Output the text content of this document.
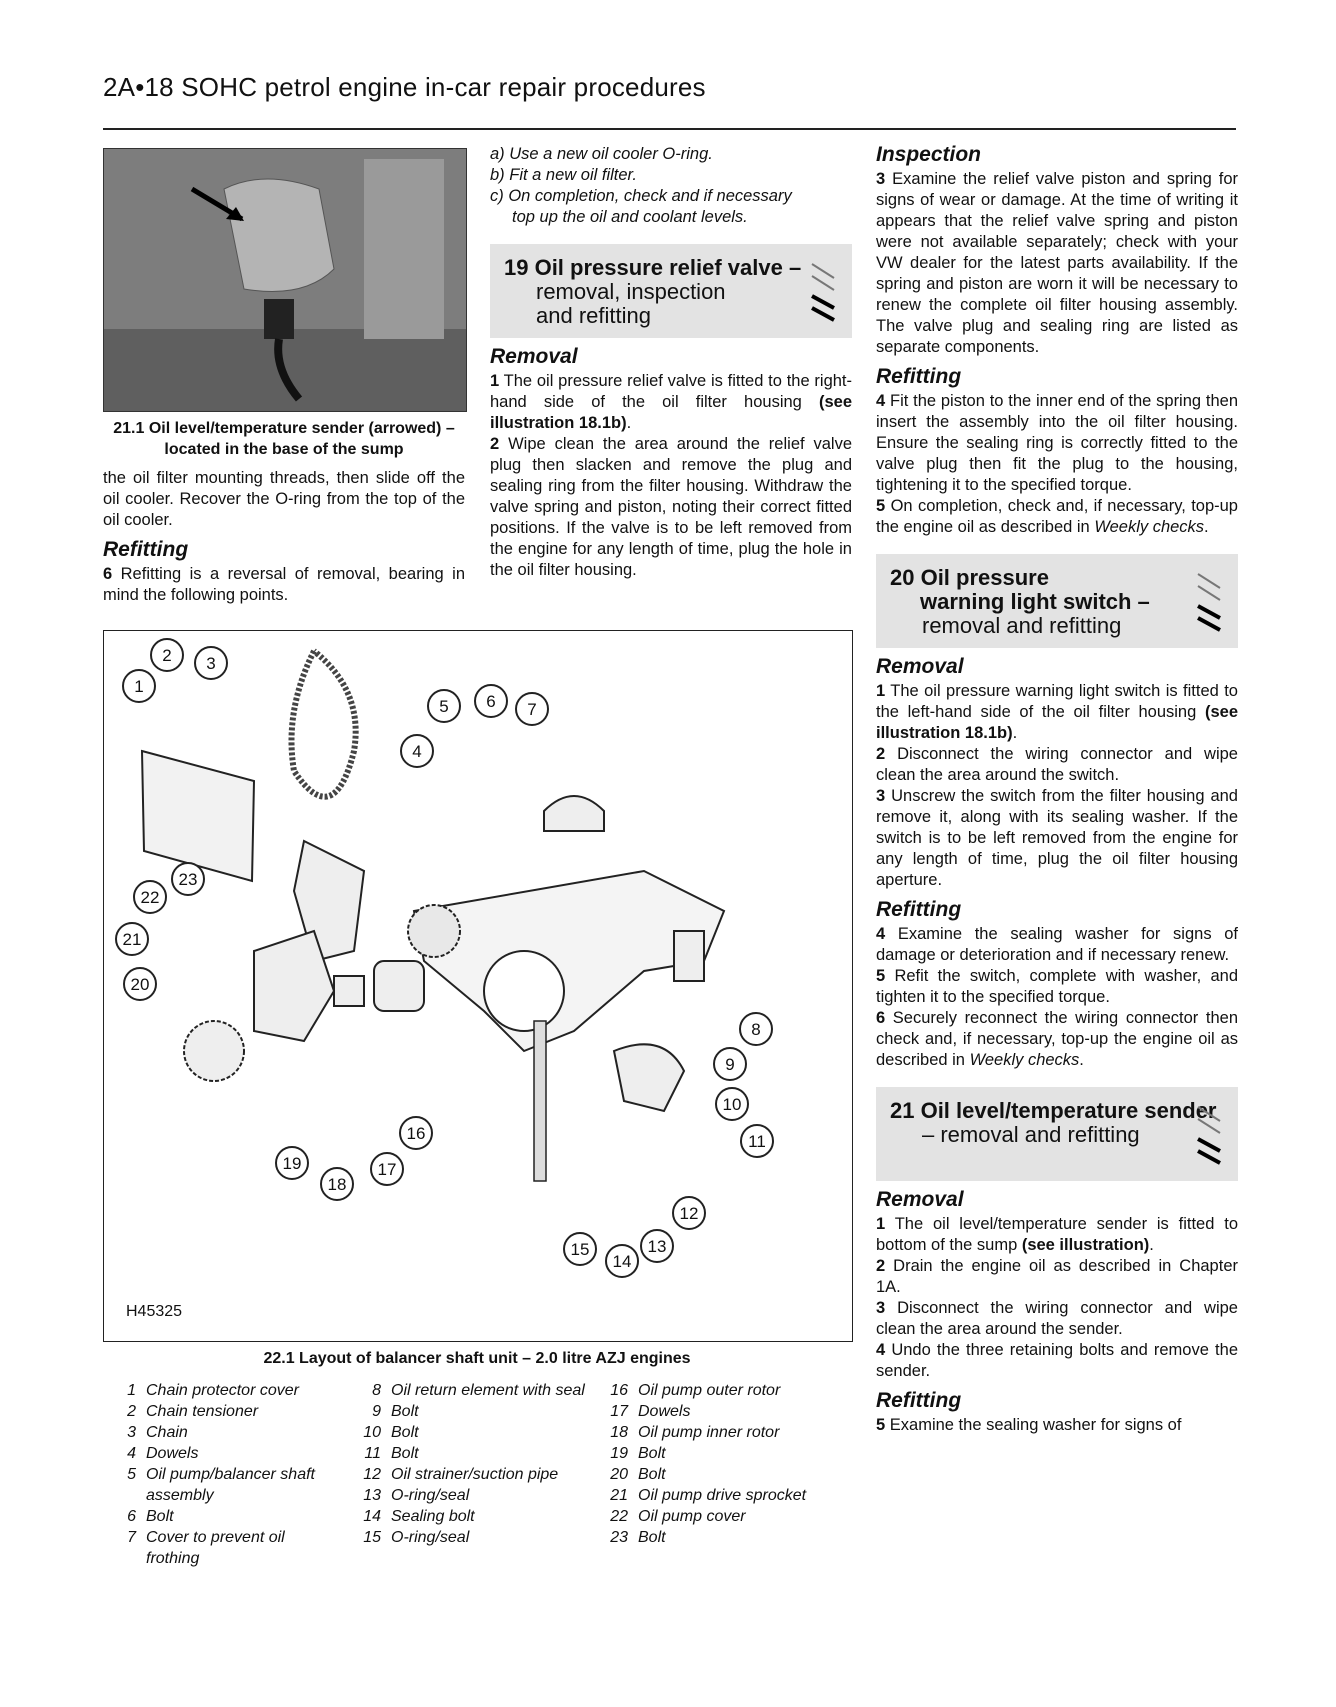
2A•18 SOHC petrol engine in-car repair procedures
21.1 Oil level/temperature sender (arrowed) – located in the base of the sump

the oil filter mounting threads, then slide off the oil cooler. Recover the O-ring from the top of the oil cooler.

Refitting

6 Refitting is a reversal of removal, bearing in mind the following points.

a) Use a new oil cooler O-ring.

b) Fit a new oil filter.

c) On completion, check and if necessary

top up the oil and coolant levels.

19 Oil pressure relief valve –
removal, inspection
and refitting
Removal

1 The oil pressure relief valve is fitted to the right-hand side of the oil filter housing (see illustration 18.1b).

2 Wipe clean the area around the relief valve plug then slacken and remove the plug and sealing ring from the filter housing. Withdraw the valve spring and piston, noting their correct fitted positions. If the valve is to be left removed from the engine for any length of time, plug the hole in the oil filter housing.

Inspection

3 Examine the relief valve piston and spring for signs of wear or damage. At the time of writing it appears that the relief valve spring and piston were not available separately; check with your VW dealer for the latest parts availability. If the spring and piston are worn it will be necessary to renew the complete oil filter housing assembly. The valve plug and sealing ring are listed as separate components.

Refitting

4 Fit the piston to the inner end of the spring then insert the assembly into the oil filter housing. Ensure the sealing ring is correctly fitted to the valve plug then fit the plug to the housing, tightening it to the specified torque.

5 On completion, check and, if necessary, top-up the engine oil as described in Weekly checks.

20 Oil pressure
warning light switch –
removal and refitting
Removal

1 The oil pressure warning light switch is fitted to the left-hand side of the oil filter housing (see illustration 18.1b).

2 Disconnect the wiring connector and wipe clean the area around the switch.

3 Unscrew the switch from the filter housing and remove it, along with its sealing washer. If the switch is to be left removed from the engine for any length of time, plug the oil filter housing aperture.

Refitting

4 Examine the sealing washer for signs of damage or deterioration and if necessary renew.

5 Refit the switch, complete with washer, and tighten it to the specified torque.

6 Securely reconnect the wiring connector then check and, if necessary, top-up the engine oil as described in Weekly checks.

21 Oil level/temperature sender
– removal and refitting
Removal

1 The oil level/temperature sender is fitted to bottom of the sump (see illustration).

2 Drain the engine oil as described in Chapter 1A.

3 Disconnect the wiring connector and wipe clean the area around the sender.

4 Undo the three retaining bolts and remove the sender.

Refitting

5 Examine the sealing washer for signs of

1
2 3
4
5 6 7
8
9
10
11
12
13
14
15
16
17
18
19
20
21
22
23
H45325
22.1 Layout of balancer shaft unit – 2.0 litre AZJ engines
1 Chain protector cover
2 Chain tensioner
3 Chain
4 Dowels
5 Oil pump/balancer shaft assembly
6 Bolt
7 Cover to prevent oil frothing
8 Oil return element with seal
9 Bolt
10 Bolt
11 Bolt
12 Oil strainer/suction pipe
13 O-ring/seal
14 Sealing bolt
15 O-ring/seal
16 Oil pump outer rotor
17 Dowels
18 Oil pump inner rotor
19 Bolt
20 Bolt
21 Oil pump drive sprocket
22 Oil pump cover
23 Bolt
